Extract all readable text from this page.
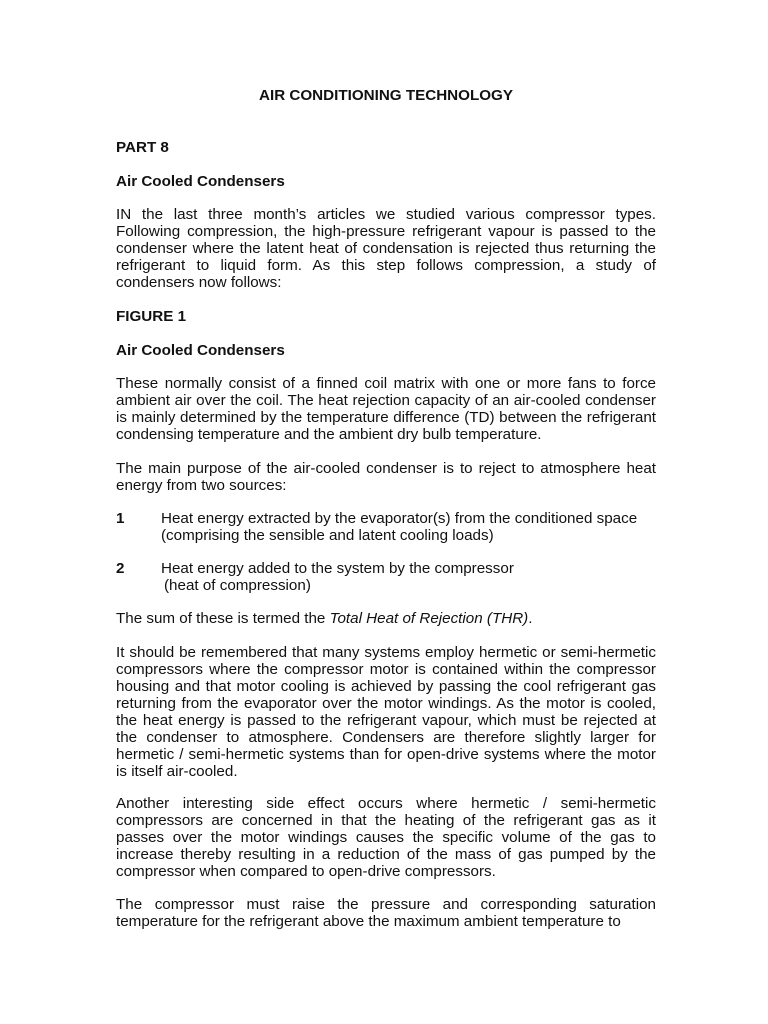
AIR CONDITIONING TECHNOLOGY
PART 8
Air Cooled Condensers
IN the last three month’s articles we studied various compressor types. Following compression, the high-pressure refrigerant vapour is passed to the condenser where the latent heat of condensation is rejected thus returning the refrigerant to liquid form. As this step follows compression, a study of condensers now follows:
FIGURE 1
Air Cooled Condensers
These normally consist of a finned coil matrix with one or more fans to force ambient air over the coil. The heat rejection capacity of an air-cooled condenser is mainly determined by the temperature difference (TD) between the refrigerant condensing temperature and the ambient dry bulb temperature.
The main purpose of the air-cooled condenser is to reject to atmosphere heat energy from two sources:
1 Heat energy extracted by the evaporator(s) from the conditioned space
(comprising the sensible and latent cooling loads)
2 Heat energy added to the system by the compressor
(heat of compression)
The sum of these is termed the Total Heat of Rejection (THR).
It should be remembered that many systems employ hermetic or semi-hermetic compressors where the compressor motor is contained within the compressor housing and that motor cooling is achieved by passing the cool refrigerant gas returning from the evaporator over the motor windings. As the motor is cooled, the heat energy is passed to the refrigerant vapour, which must be rejected at the condenser to atmosphere. Condensers are therefore slightly larger for hermetic / semi-hermetic systems than for open-drive systems where the motor is itself air-cooled.
Another interesting side effect occurs where hermetic / semi-hermetic compressors are concerned in that the heating of the refrigerant gas as it passes over the motor windings causes the specific volume of the gas to increase thereby resulting in a reduction of the mass of gas pumped by the compressor when compared to open-drive compressors.
The compressor must raise the pressure and corresponding saturation temperature for the refrigerant above the maximum ambient temperature to
